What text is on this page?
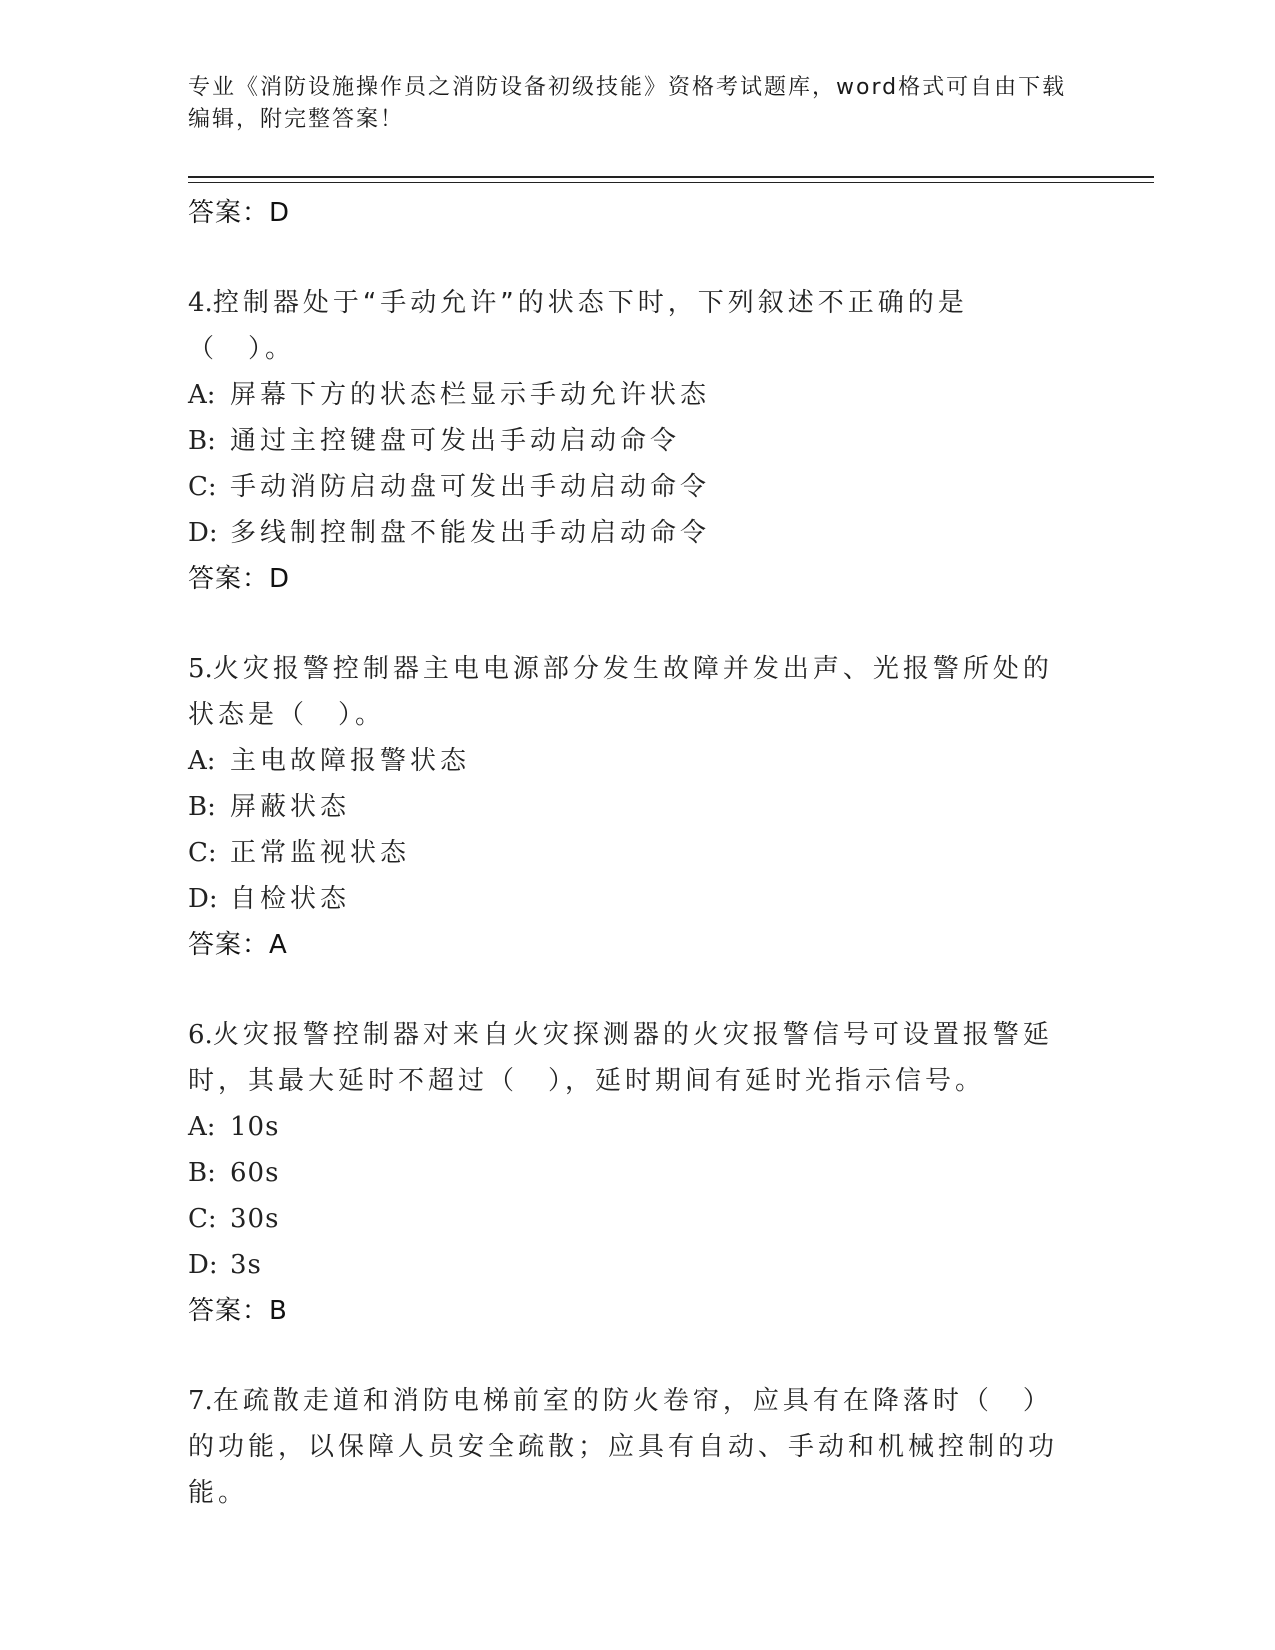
专业《消防设施操作员之消防设备初级技能》资格考试题库，word格式可自由下载编辑，附完整答案！
答案：D
4.控制器处于“手动允许”的状态下时，下列叙述不正确的是（　）。
A: 屏幕下方的状态栏显示手动允许状态
B: 通过主控键盘可发出手动启动命令
C: 手动消防启动盘可发出手动启动命令
D: 多线制控制盘不能发出手动启动命令
答案：D
5.火灾报警控制器主电电源部分发生故障并发出声、光报警所处的状态是（　）。
A: 主电故障报警状态
B: 屏蔽状态
C: 正常监视状态
D: 自检状态
答案：A
6.火灾报警控制器对来自火灾探测器的火灾报警信号可设置报警延时，其最大延时不超过（　），延时期间有延时光指示信号。
A: 10s
B: 60s
C: 30s
D: 3s
答案：B
7.在疏散走道和消防电梯前室的防火卷帘，应具有在降落时（　）的功能，以保障人员安全疏散；应具有自动、手动和机械控制的功能。
